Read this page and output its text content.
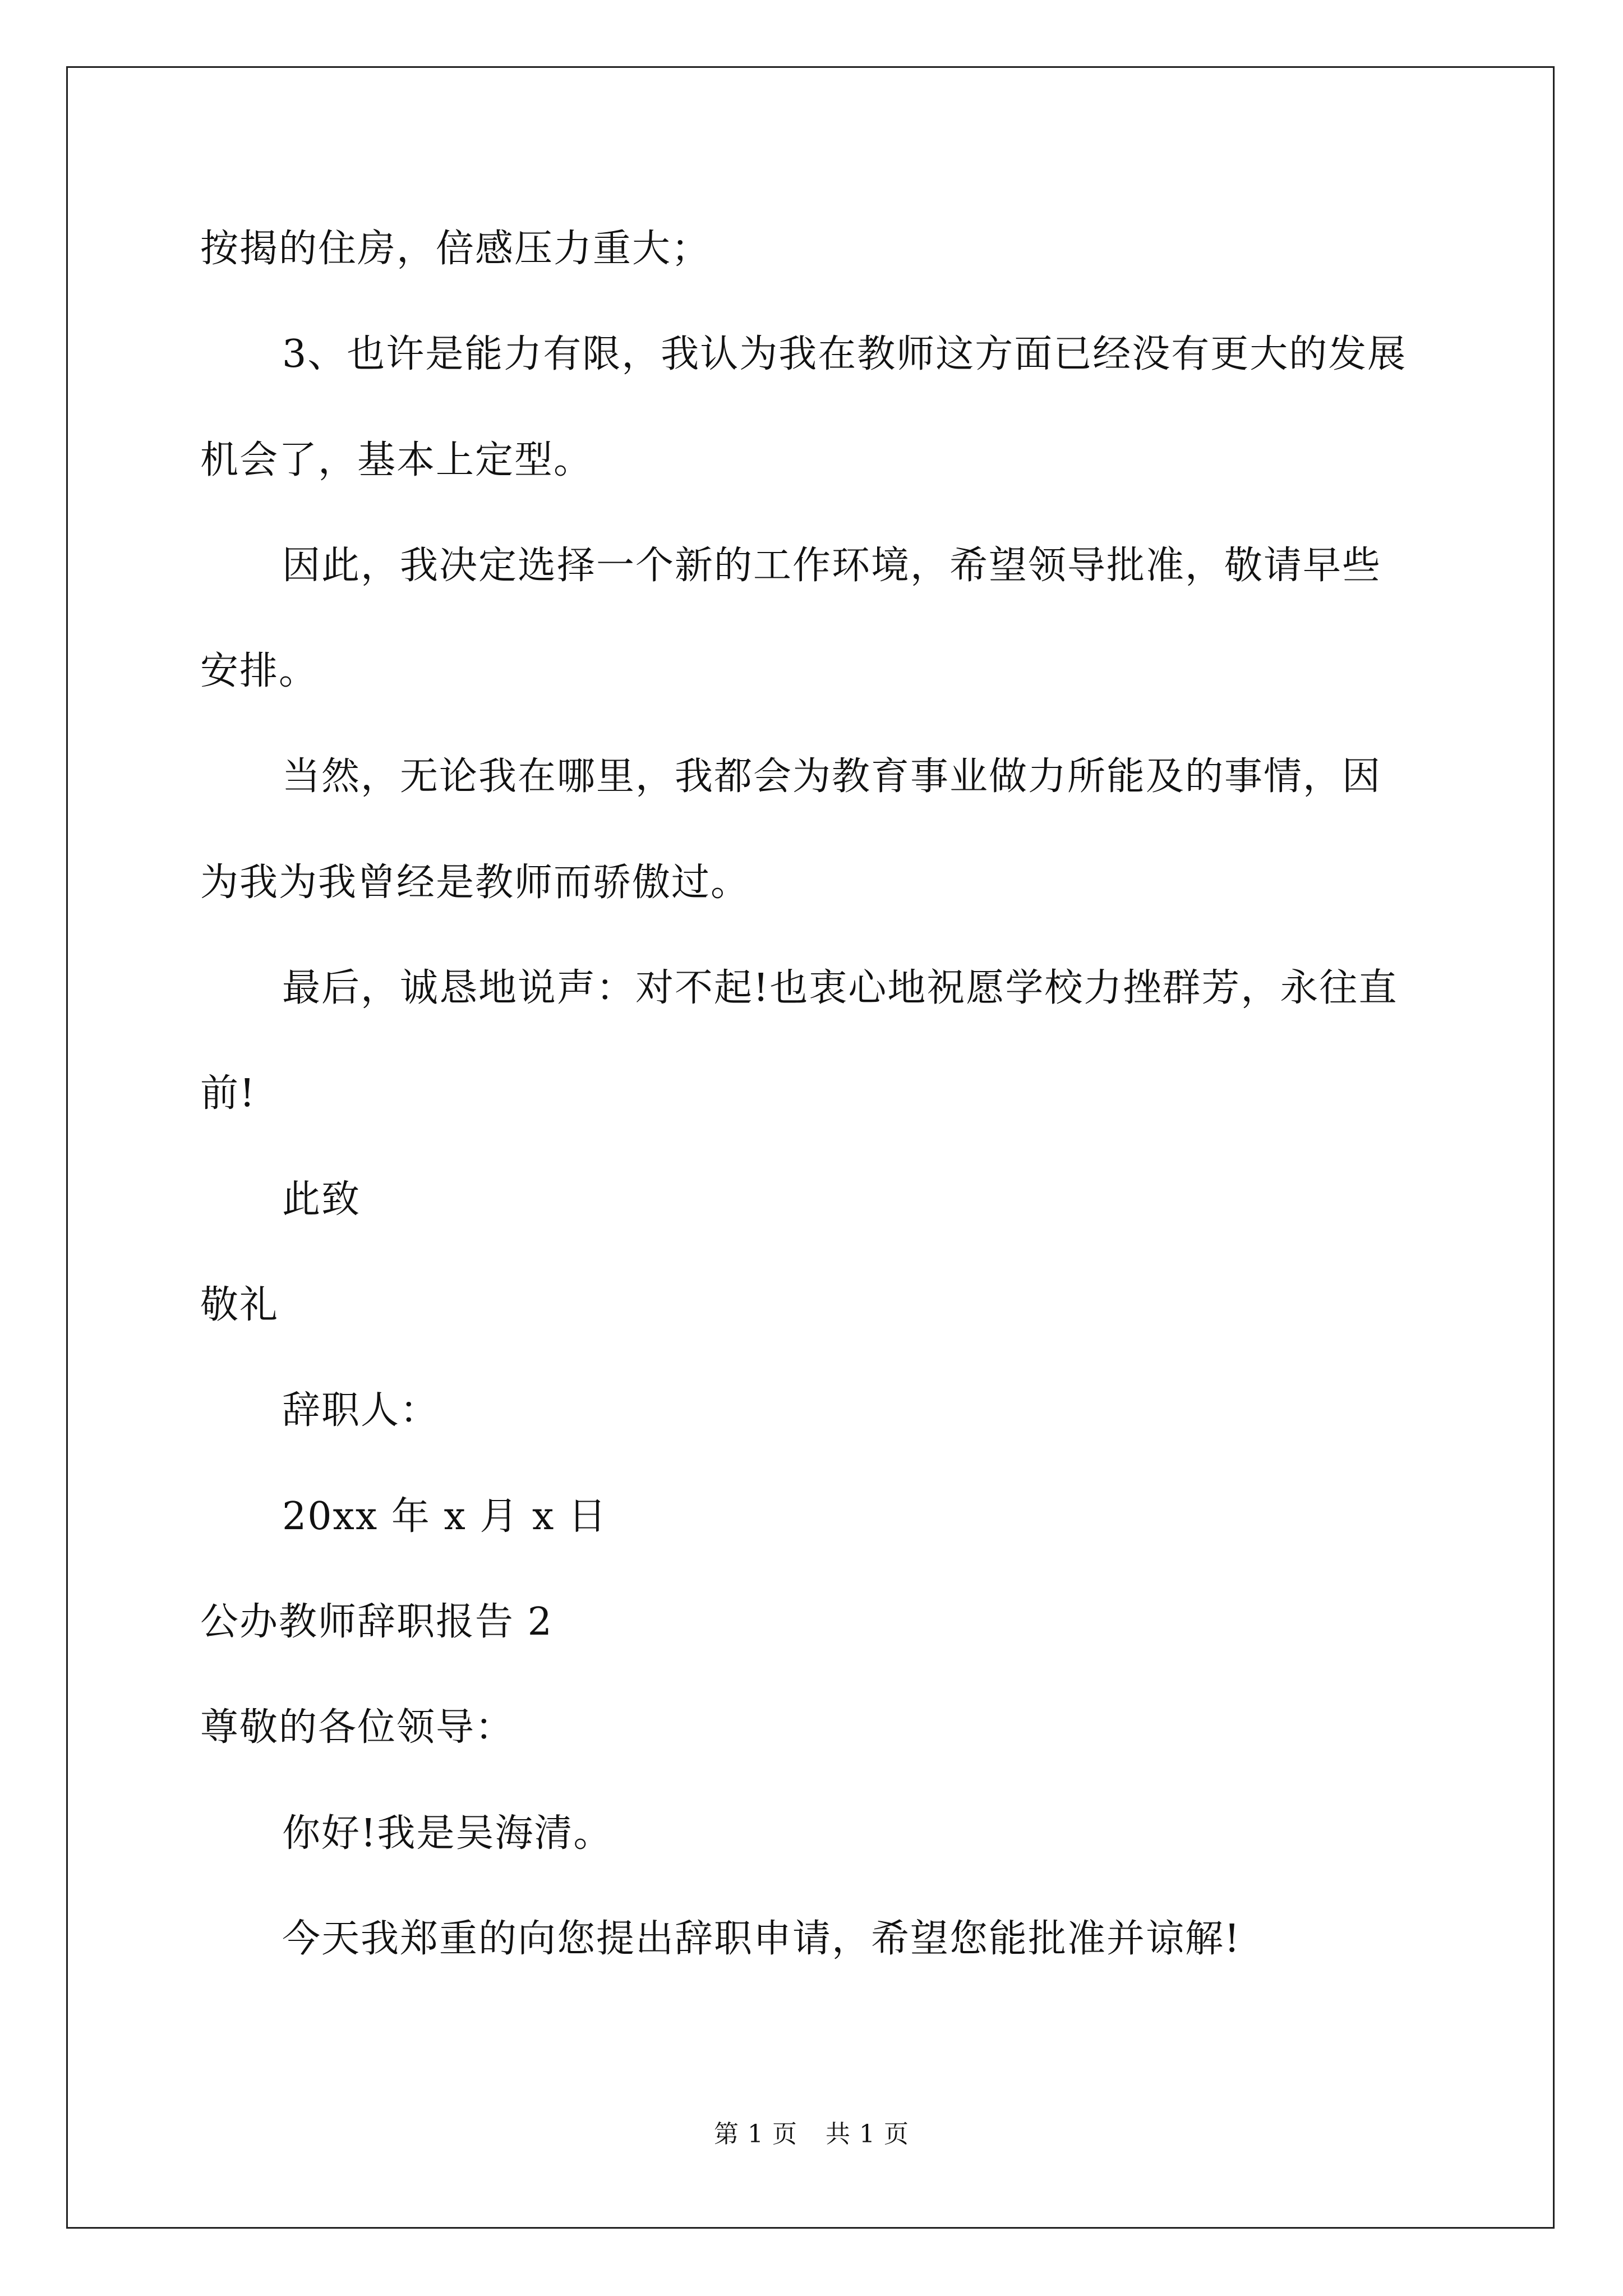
按揭的住房，倍感压力重大；
3、也许是能力有限，我认为我在教师这方面已经没有更大的发展
机会了，基本上定型。
因此，我决定选择一个新的工作环境，希望领导批准，敬请早些
安排。
当然，无论我在哪里，我都会为教育事业做力所能及的事情，因
为我为我曾经是教师而骄傲过。
最后，诚恳地说声：对不起!也衷心地祝愿学校力挫群芳，永往直
前!
此致
敬礼
辞职人：
20xx 年 x 月 x 日
公办教师辞职报告 2
尊敬的各位领导：
你好!我是吴海清。
今天我郑重的向您提出辞职申请，希望您能批准并谅解!
第 1 页 共 1 页
